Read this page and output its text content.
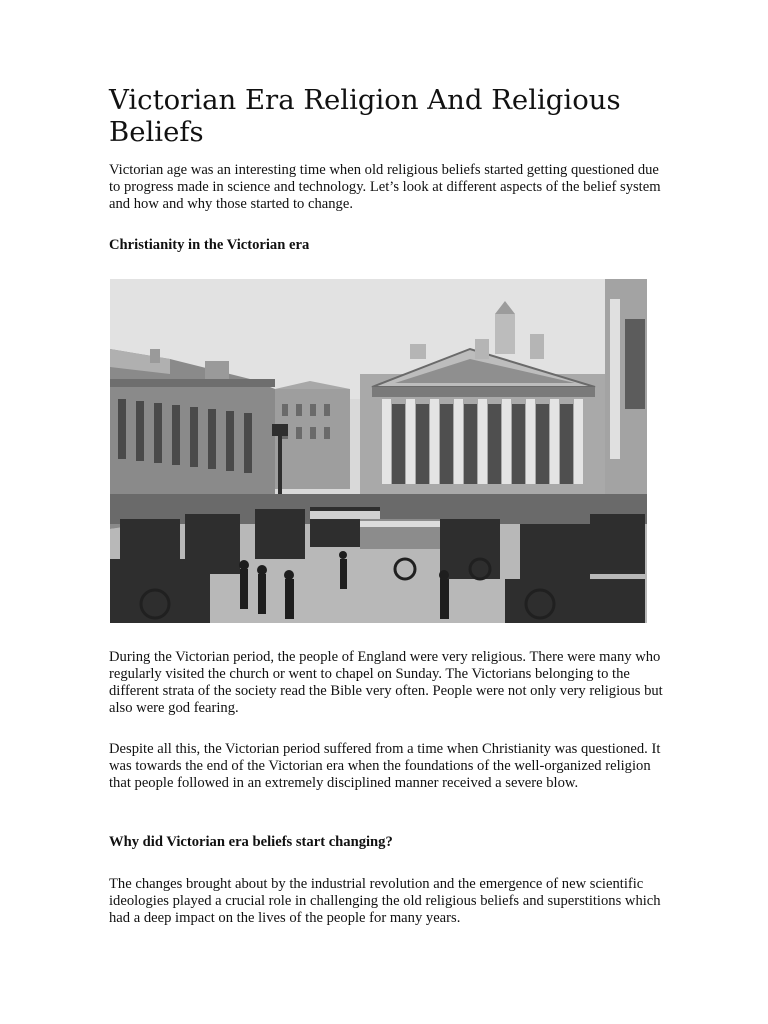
Victorian Era Religion And Religious Beliefs

Victorian age was an interesting time when old religious beliefs started getting questioned due to progress made in science and technology. Let’s look at different aspects of the belief system and how and why those started to change.

Christianity in the Victorian era

During the Victorian period, the people of England were very religious. There were many who regularly visited the church or went to chapel on Sunday. The Victorians belonging to the different strata of the society read the Bible very often. People were not only very religious but also were god fearing.

Despite all this, the Victorian period suffered from a time when Christianity was questioned. It was towards the end of the Victorian era when the foundations of the well-organized religion that people followed in an extremely disciplined manner received a severe blow.

Why did Victorian era beliefs start changing?

The changes brought about by the industrial revolution and the emergence of new scientific ideologies played a crucial role in challenging the old religious beliefs and superstitions which had a deep impact on the lives of the people for many years.
